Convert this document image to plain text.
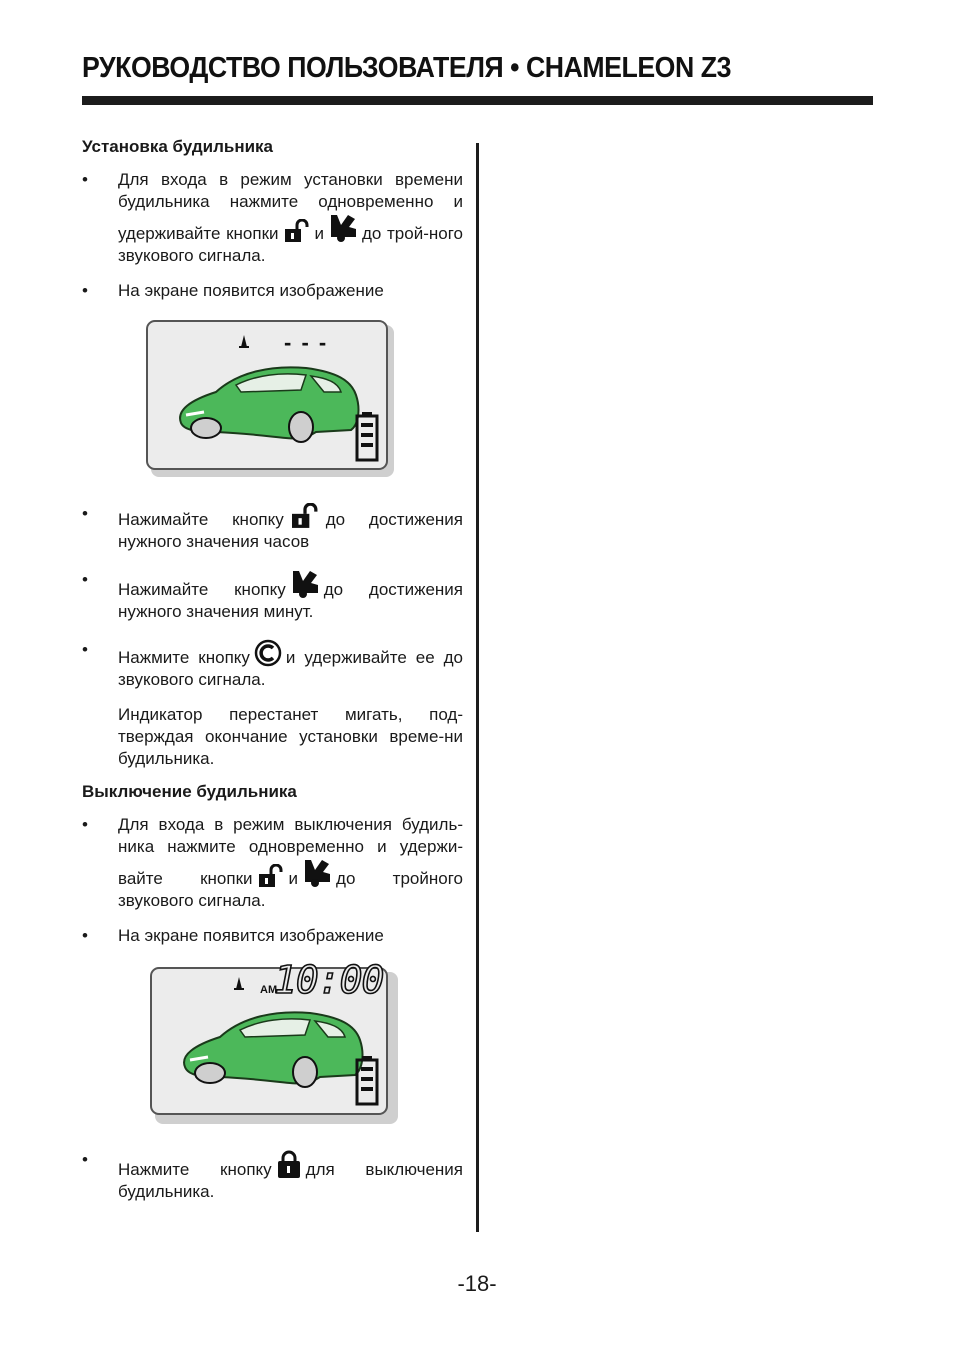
РУКОВОДСТВО ПОЛЬЗОВАТЕЛЯ • CHAMELEON Z3
Установка будильника
• Для входа в режим установки времени будильника нажмите одновременно и удерживайте кнопки и до трой-ного звукового сигнала.
• На экране появится изображение
- - -
• Нажимайте кнопку до достижения нужного значения часов
•
Нажимайте кнопку до достижения нужного значения минут.
• Нажмите кнопку и удерживайте ее до звукового сигнала.
Индикатор перестанет мигать, под-тверждая окончание установки време-ни будильника.
Выключение будильника
• Для входа в режим выключения будиль-ника нажмите одновременно и удержи-вайте кнопки и до тройного звукового сигнала.
• На экране появится изображение
AM
10:00
•
Нажмите кнопку для выключения будильника.
-18-
